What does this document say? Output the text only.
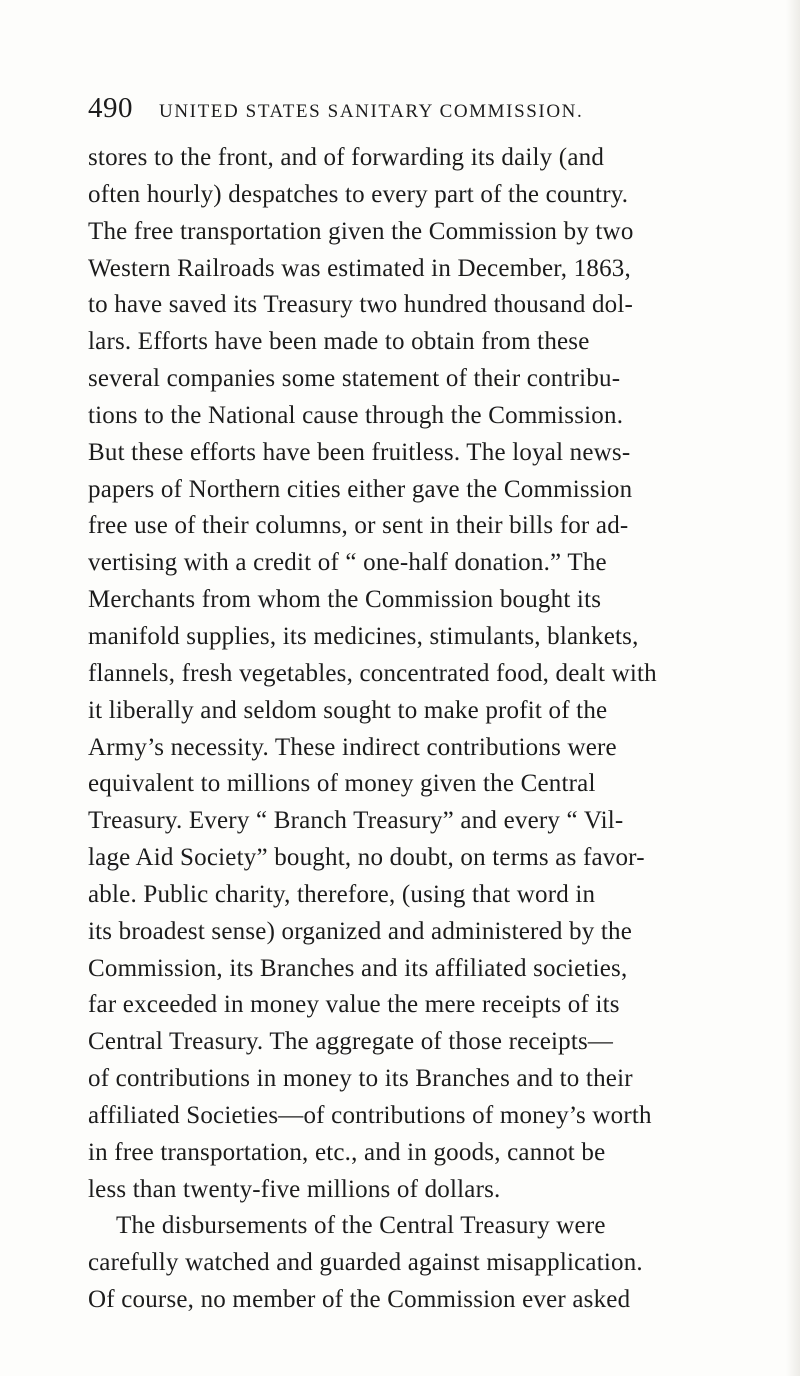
490 UNITED STATES SANITARY COMMISSION.
stores to the front, and of forwarding its daily (and
often hourly) despatches to every part of the country.
The free transportation given the Commission by two
Western Railroads was estimated in December, 1863,
to have saved its Treasury two hundred thousand dol-
lars. Efforts have been made to obtain from these
several companies some statement of their contribu-
tions to the National cause through the Commission.
But these efforts have been fruitless. The loyal news-
papers of Northern cities either gave the Commission
free use of their columns, or sent in their bills for ad-
vertising with a credit of “ one-half donation.” The
Merchants from whom the Commission bought its
manifold supplies, its medicines, stimulants, blankets,
flannels, fresh vegetables, concentrated food, dealt with
it liberally and seldom sought to make profit of the
Army’s necessity. These indirect contributions were
equivalent to millions of money given the Central
Treasury. Every “ Branch Treasury” and every “ Vil-
lage Aid Society” bought, no doubt, on terms as favor-
able. Public charity, therefore, (using that word in
its broadest sense) organized and administered by the
Commission, its Branches and its affiliated societies,
far exceeded in money value the mere receipts of its
Central Treasury. The aggregate of those receipts—
of contributions in money to its Branches and to their
affiliated Societies—of contributions of money’s worth
in free transportation, etc., and in goods, cannot be
less than twenty-five millions of dollars.
The disbursements of the Central Treasury were
carefully watched and guarded against misapplication.
Of course, no member of the Commission ever asked
